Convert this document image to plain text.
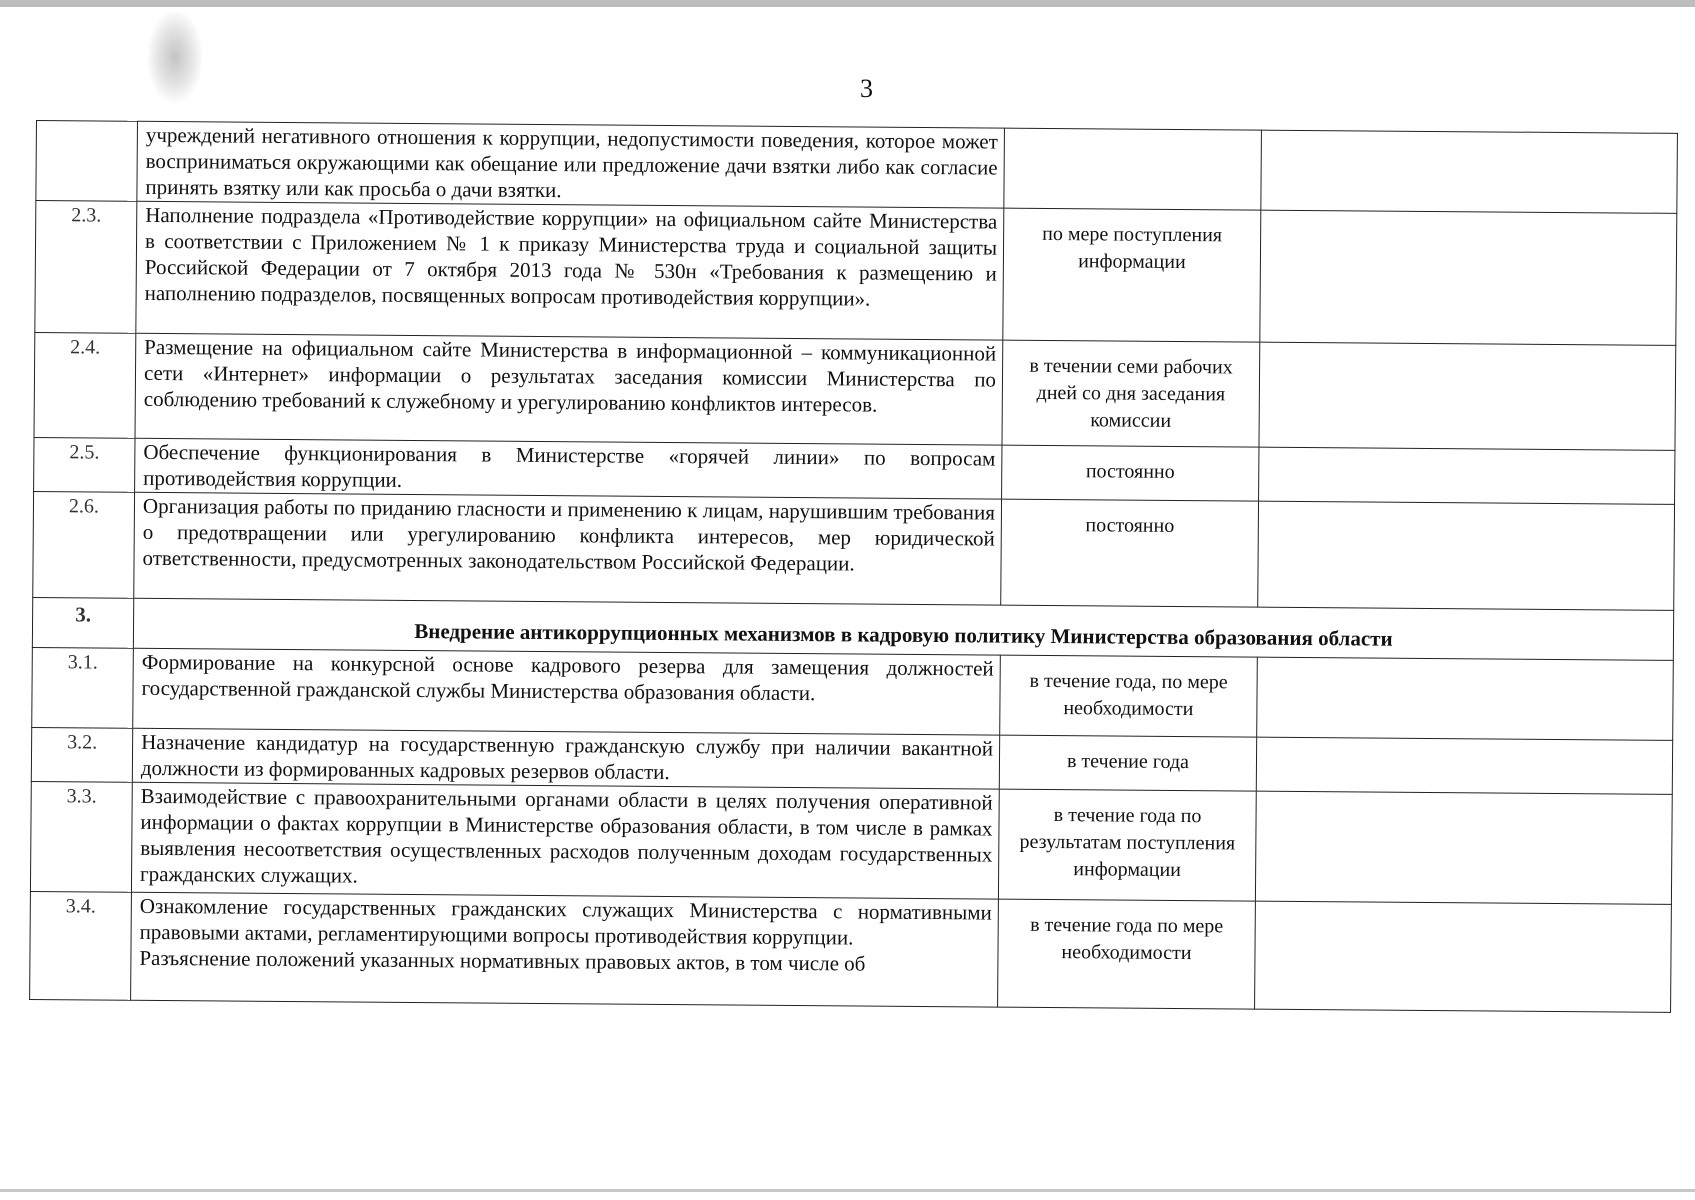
3
	учреждений негативного отношения к коррупции, недопустимости поведения, которое может восприниматься окружающими как обещание или предложение дачи взятки либо как согласие принять взятку или как просьба о дачи взятки.		
2.3.	Наполнение подраздела «Противодействие коррупции» на официальном сайте Министерства в соответствии с Приложением № 1 к приказу Министерства труда и социальной защиты Российской Федерации от 7 октября 2013 года № 530н «Требования к размещению и наполнению подразделов, посвященных вопросам противодействия коррупции».	по мере поступления информации	
2.4.	Размещение на официальном сайте Министерства в информационной – коммуникационной сети «Интернет» информации о результатах заседания комиссии Министерства по соблюдению требований к служебному и урегулированию конфликтов интересов.	в течении семи рабочих дней со дня заседания комиссии	
2.5.	Обеспечение функционирования в Министерстве «горячей линии» по вопросам противодействия коррупции.	постоянно	
2.6.	Организация работы по приданию гласности и применению к лицам, нарушившим требования о предотвращении или урегулированию конфликта интересов, мер юридической ответственности, предусмотренных законодательством Российской Федерации.	постоянно	
3.	Внедрение антикоррупционных механизмов в кадровую политику Министерства образования области		
3.1.	Формирование на конкурсной основе кадрового резерва для замещения должностей государственной гражданской службы Министерства образования области.	в течение года, по мере необходимости	
3.2.	Назначение кандидатур на государственную гражданскую службу при наличии вакантной должности из формированных кадровых резервов области.	в течение года	
3.3.	Взаимодействие с правоохранительными органами области в целях получения оперативной информации о фактах коррупции в Министерстве образования области, в том числе в рамках выявления несоответствия осуществленных расходов полученным доходам государственных гражданских служащих.	в течение года по результатам поступления информации	
3.4.	Ознакомление государственных гражданских служащих Министерства с нормативными правовыми актами, регламентирующими вопросы противодействия коррупции.
Разъяснение положений указанных нормативных правовых актов, в том числе об	в течение года по мере необходимости	
